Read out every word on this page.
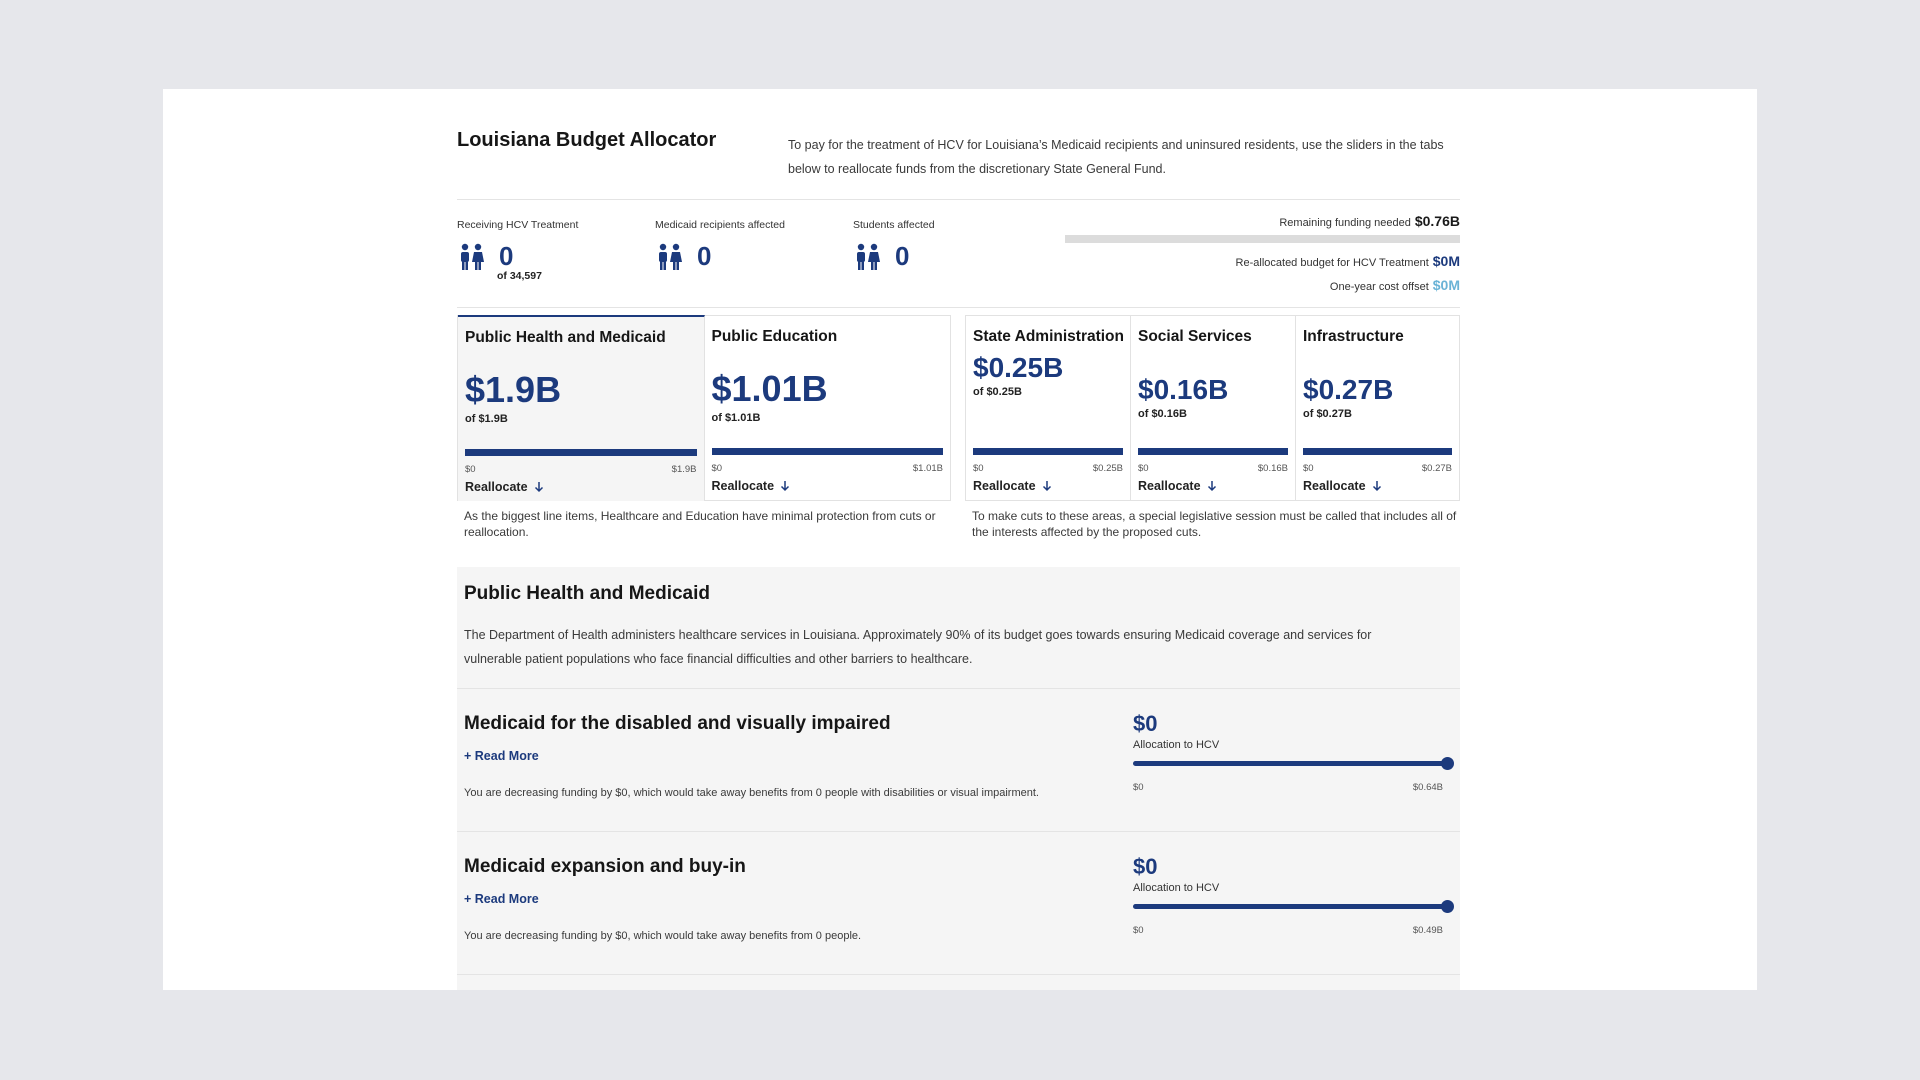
Louisiana Budget Allocator	To pay for the treatment of HCV for Louisiana’s Medicaid recipients and uninsured residents, use the sliders in the tabs below to reallocate funds from the discretionary State General Fund.
Receiving HCV Treatment
0
of 34,597
Medicaid recipients affected
0
Students affected
0
Remaining funding needed $0.76B
Re-allocated budget for HCV Treatment $0M
One-year cost offset $0M
Public Health and Medicaid
$1.9B
of $1.9B
$0	$1.9B
Reallocate
Public Education
$1.01B
of $1.01B
$0	$1.01B
Reallocate
State Administration
$0.25B
of $0.25B
$0	$0.25B
Reallocate
Social Services
$0.16B
of $0.16B
$0	$0.16B
Reallocate
Infrastructure
$0.27B
of $0.27B
$0	$0.27B
Reallocate
As the biggest line items, Healthcare and Education have minimal protection from cuts or reallocation.
To make cuts to these areas, a special legislative session must be called that includes all of the interests affected by the proposed cuts.
Public Health and Medicaid
The Department of Health administers healthcare services in Louisiana. Approximately 90% of its budget goes towards ensuring Medicaid coverage and services for vulnerable patient populations who face financial difficulties and other barriers to healthcare.
Medicaid for the disabled and visually impaired
+ Read More
You are decreasing funding by $0, which would take away benefits from 0 people with disabilities or visual impairment.
$0
Allocation to HCV
$0	$0.64B
Medicaid expansion and buy-in
+ Read More
You are decreasing funding by $0, which would take away benefits from 0 people.
$0
Allocation to HCV
$0	$0.49B
